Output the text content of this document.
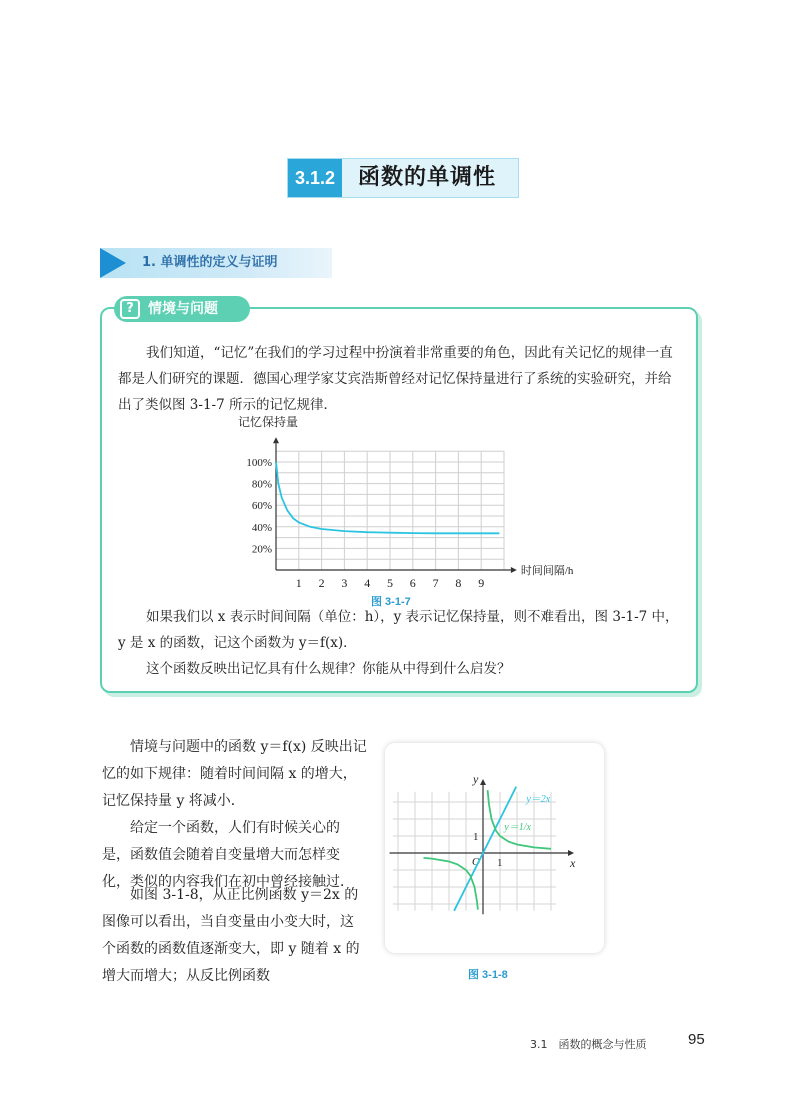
3.1.2	函数的单调性
1. 单调性的定义与证明
?	情境与问题
我们知道，“记忆”在我们的学习过程中扮演着非常重要的角色，因此有关记忆的规律一直都是人们研究的课题．德国心理学家艾宾浩斯曾经对记忆保持量进行了系统的实验研究，并给出了类似图 3-1-7 所示的记忆规律．
1 2 3 4 5 6 7 8 9
20%
40%
60%
80%
100%
记忆保持量
时间间隔/h
图 3-1-7
如果我们以 x 表示时间间隔（单位：h），y 表示记忆保持量，则不难看出，图 3-1-7 中，y 是 x 的函数，记这个函数为 y＝f(x)．
这个函数反映出记忆具有什么规律？你能从中得到什么启发？
情境与问题中的函数 y＝f(x) 反映出记忆的如下规律：随着时间间隔 x 的增大，记忆保持量 y 将减小．
给定一个函数，人们有时候关心的是，函数值会随着自变量增大而怎样变化，类似的内容我们在初中曾经接触过．
如图 3-1-8，从正比例函数 y＝2x 的图像可以看出，当自变量由小变大时，这个函数的函数值逐渐变大，即 y 随着 x 的增大而增大；从反比例函数
x
y
O 1
1
y＝2x
y＝1/x
图 3-1-8
3.1　函数的概念与性质	95
